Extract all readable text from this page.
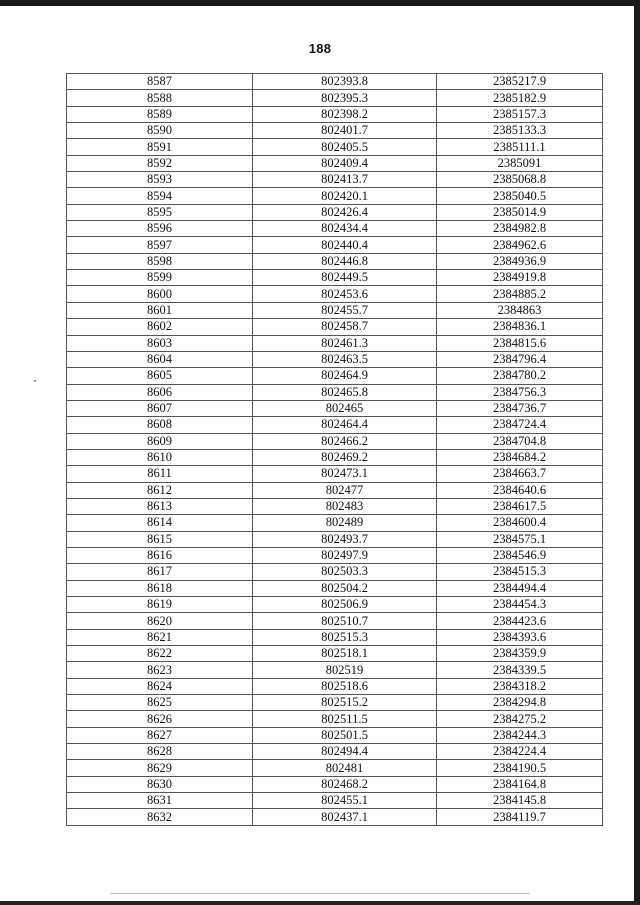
188
8587	802393.8	2385217.9
8588	802395.3	2385182.9
8589	802398.2	2385157.3
8590	802401.7	2385133.3
8591	802405.5	2385111.1
8592	802409.4	2385091
8593	802413.7	2385068.8
8594	802420.1	2385040.5
8595	802426.4	2385014.9
8596	802434.4	2384982.8
8597	802440.4	2384962.6
8598	802446.8	2384936.9
8599	802449.5	2384919.8
8600	802453.6	2384885.2
8601	802455.7	2384863
8602	802458.7	2384836.1
8603	802461.3	2384815.6
8604	802463.5	2384796.4
8605	802464.9	2384780.2
8606	802465.8	2384756.3
8607	802465	2384736.7
8608	802464.4	2384724.4
8609	802466.2	2384704.8
8610	802469.2	2384684.2
8611	802473.1	2384663.7
8612	802477	2384640.6
8613	802483	2384617.5
8614	802489	2384600.4
8615	802493.7	2384575.1
8616	802497.9	2384546.9
8617	802503.3	2384515.3
8618	802504.2	2384494.4
8619	802506.9	2384454.3
8620	802510.7	2384423.6
8621	802515.3	2384393.6
8622	802518.1	2384359.9
8623	802519	2384339.5
8624	802518.6	2384318.2
8625	802515.2	2384294.8
8626	802511.5	2384275.2
8627	802501.5	2384244.3
8628	802494.4	2384224.4
8629	802481	2384190.5
8630	802468.2	2384164.8
8631	802455.1	2384145.8
8632	802437.1	2384119.7
